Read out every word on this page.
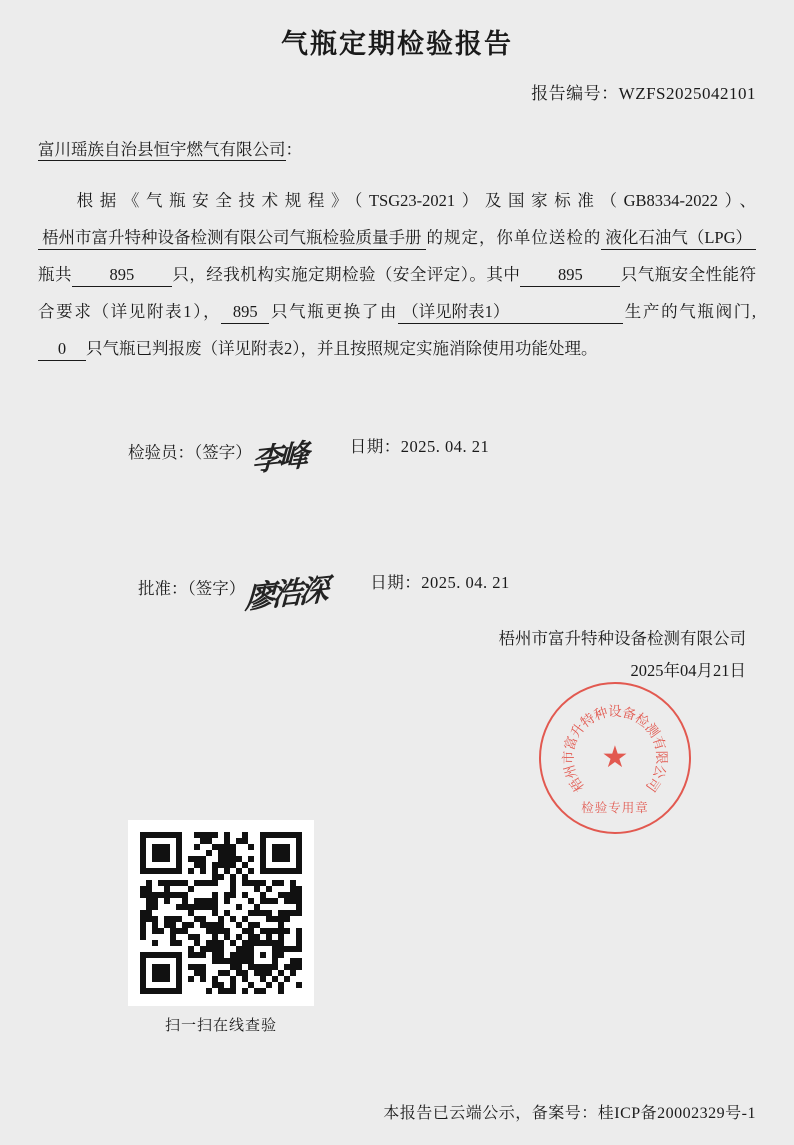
气瓶定期检验报告
报告编号：WZFS2025042101
富川瑶族自治县恒宇燃气有限公司：
根据《气瓶安全技术规程》（TSG23-2021）及国家标准（GB8334-2022）、梧州市富升特种设备检测有限公司气瓶检验质量手册 的规定，你单位送检的 液化石油气（LPG）瓶共 895 只，经我机构实施定期检验（安全评定）。其中 895 只气瓶安全性能符合要求（详见附表1）， 895 只气瓶更换了由 （详见附表1）	生产的气瓶阀门,0 只气瓶已判报废（详见附表2），并且按照规定实施消除使用功能处理。
检验员：（签字）李峰	日期：2025. 04. 21
批准：（签字）廖浩深	日期：2025. 04. 21
梧州市富升特种设备检测有限公司
2025年04月21日
梧
州
市
富
升
特
种
设
备
检
测
有
限
公
司
★
检验专用章
扫一扫在线查验
本报告已云端公示，备案号：桂ICP备20002329号-1
